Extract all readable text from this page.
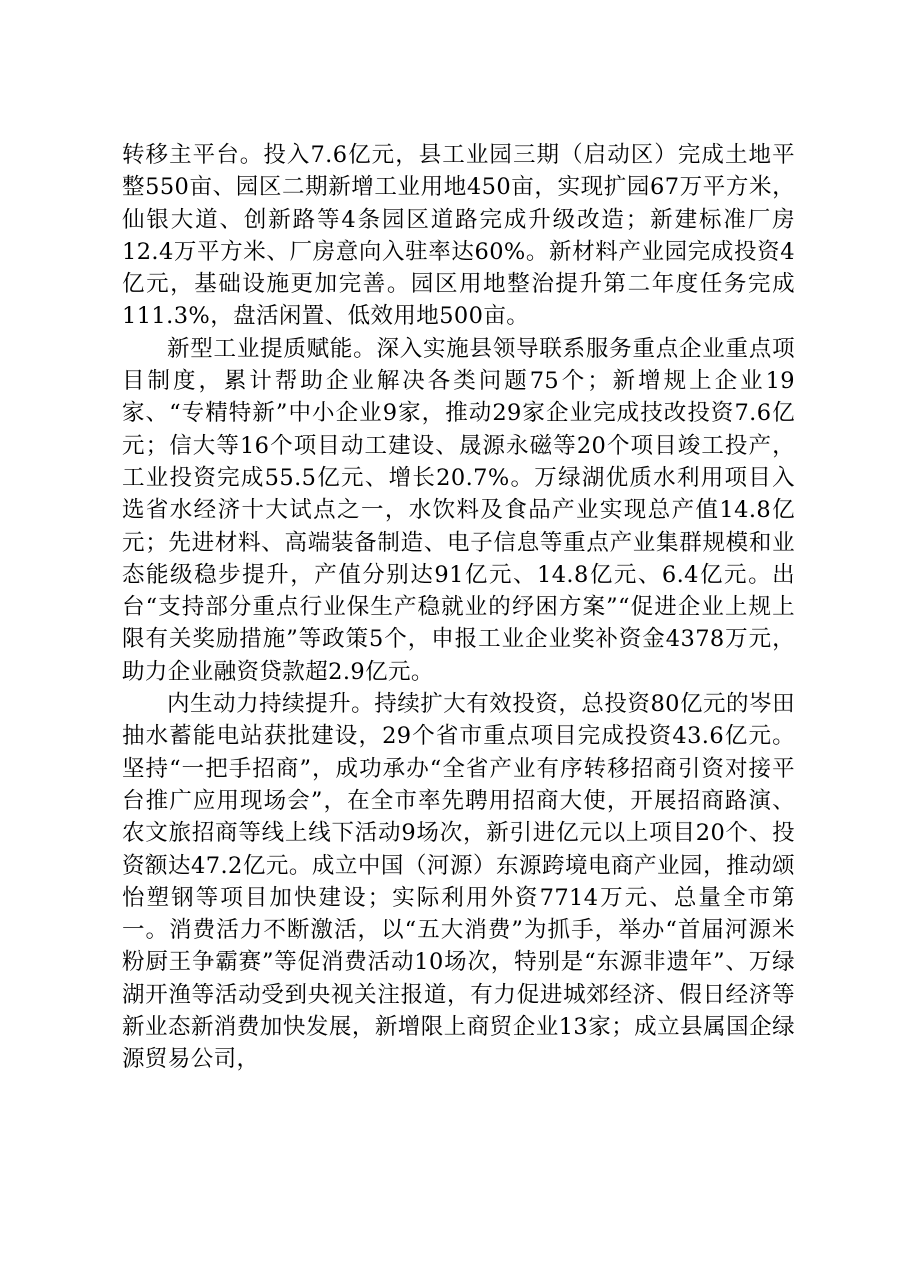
转移主平台。投入7.6亿元，县工业园三期（启动区）完成土地平整550亩、园区二期新增工业用地450亩，实现扩园67万平方米，仙银大道、创新路等4条园区道路完成升级改造；新建标准厂房12.4万平方米、厂房意向入驻率达60%。新材料产业园完成投资4亿元，基础设施更加完善。园区用地整治提升第二年度任务完成111.3%，盘活闲置、低效用地500亩。

新型工业提质赋能。深入实施县领导联系服务重点企业重点项目制度，累计帮助企业解决各类问题75个；新增规上企业19家、“专精特新”中小企业9家，推动29家企业完成技改投资7.6亿元；信大等16个项目动工建设、晟源永磁等20个项目竣工投产，工业投资完成55.5亿元、增长20.7%。万绿湖优质水利用项目入选省水经济十大试点之一，水饮料及食品产业实现总产值14.8亿元；先进材料、高端装备制造、电子信息等重点产业集群规模和业态能级稳步提升，产值分别达91亿元、14.8亿元、6.4亿元。出台“支持部分重点行业保生产稳就业的纾困方案”“促进企业上规上限有关奖励措施”等政策5个，申报工业企业奖补资金4378万元，助力企业融资贷款超2.9亿元。

内生动力持续提升。持续扩大有效投资，总投资80亿元的岑田抽水蓄能电站获批建设，29个省市重点项目完成投资43.6亿元。坚持“一把手招商”，成功承办“全省产业有序转移招商引资对接平台推广应用现场会”，在全市率先聘用招商大使，开展招商路演、农文旅招商等线上线下活动9场次，新引进亿元以上项目20个、投资额达47.2亿元。成立中国（河源）东源跨境电商产业园，推动颂怡塑钢等项目加快建设；实际利用外资7714万元、总量全市第一。消费活力不断激活，以“五大消费”为抓手，举办“首届河源米粉厨王争霸赛”等促消费活动10场次，特别是“东源非遗年”、万绿湖开渔等活动受到央视关注报道，有力促进城郊经济、假日经济等新业态新消费加快发展，新增限上商贸企业13家；成立县属国企绿源贸易公司，
